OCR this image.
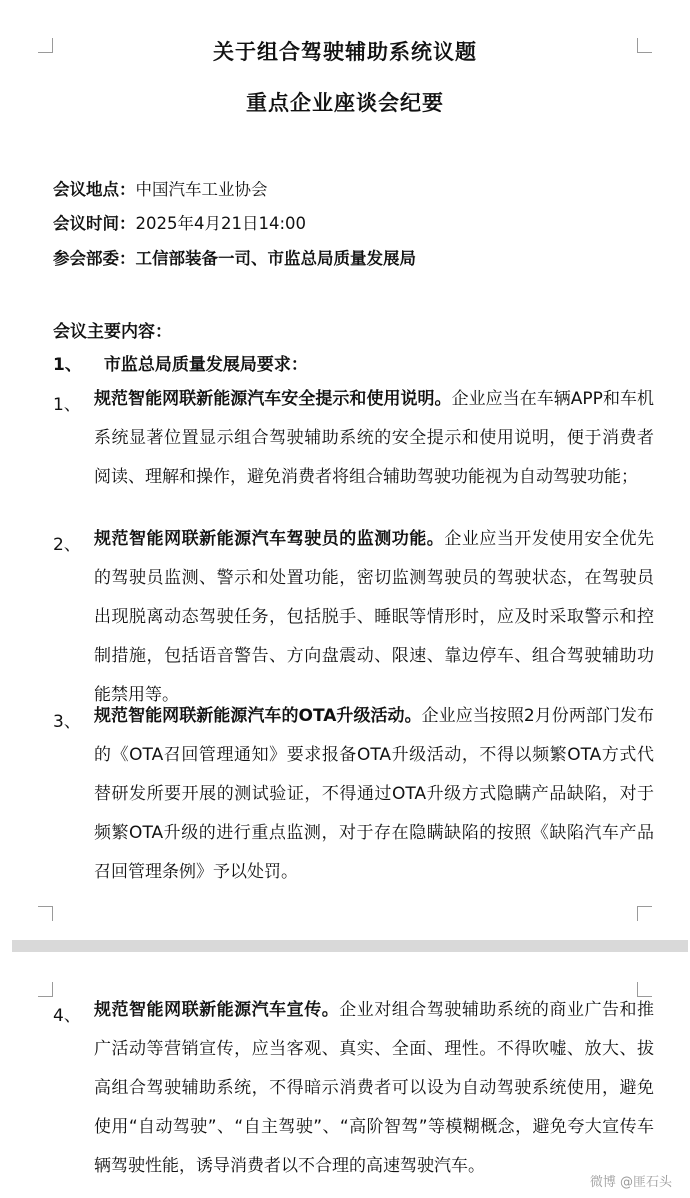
关于组合驾驶辅助系统议题
重点企业座谈会纪要
会议地点：中国汽车工业协会
会议时间：2025年4月21日14:00
参会部委：工信部装备一司、市监总局质量发展局
会议主要内容：
1、 市监总局质量发展局要求：
1、 规范智能网联新能源汽车安全提示和使用说明。企业应当在车辆APP和车机系统显著位置显示组合驾驶辅助系统的安全提示和使用说明，便于消费者阅读、理解和操作，避免消费者将组合辅助驾驶功能视为自动驾驶功能；
2、 规范智能网联新能源汽车驾驶员的监测功能。企业应当开发使用安全优先的驾驶员监测、警示和处置功能，密切监测驾驶员的驾驶状态，在驾驶员出现脱离动态驾驶任务，包括脱手、睡眠等情形时，应及时采取警示和控制措施，包括语音警告、方向盘震动、限速、靠边停车、组合驾驶辅助功能禁用等。
3、 规范智能网联新能源汽车的OTA升级活动。企业应当按照2月份两部门发布的《OTA召回管理通知》要求报备OTA升级活动，不得以频繁OTA方式代替研发所要开展的测试验证，不得通过OTA升级方式隐瞒产品缺陷，对于频繁OTA升级的进行重点监测，对于存在隐瞒缺陷的按照《缺陷汽车产品召回管理条例》予以处罚。
4、 规范智能网联新能源汽车宣传。企业对组合驾驶辅助系统的商业广告和推广活动等营销宣传，应当客观、真实、全面、理性。不得吹嘘、放大、拔高组合驾驶辅助系统，不得暗示消费者可以设为自动驾驶系统使用，避免使用“自动驾驶”、“自主驾驶”、“高阶智驾”等模糊概念，避免夸大宣传车辆驾驶性能，诱导消费者以不合理的高速驾驶汽车。
微博 @匪石头
